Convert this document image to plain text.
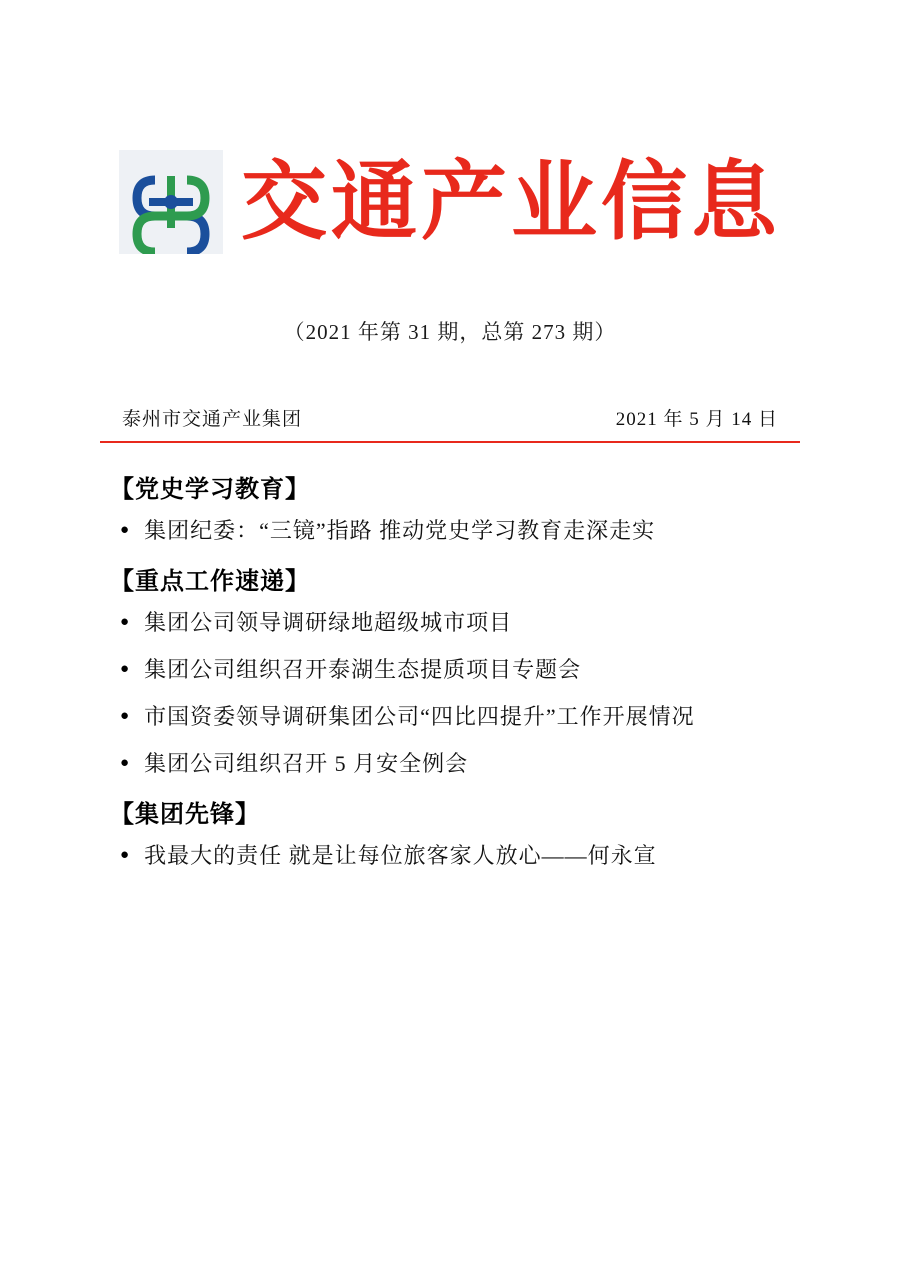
交通产业信息
（2021 年第 31 期，总第 273 期）
泰州市交通产业集团	2021 年 5 月 14 日
【党史学习教育】
● 集团纪委：“三镜”指路 推动党史学习教育走深走实
【重点工作速递】
● 集团公司领导调研绿地超级城市项目
● 集团公司组织召开泰湖生态提质项目专题会
● 市国资委领导调研集团公司“四比四提升”工作开展情况
● 集团公司组织召开 5 月安全例会
【集团先锋】
● 我最大的责任 就是让每位旅客家人放心——何永宣
